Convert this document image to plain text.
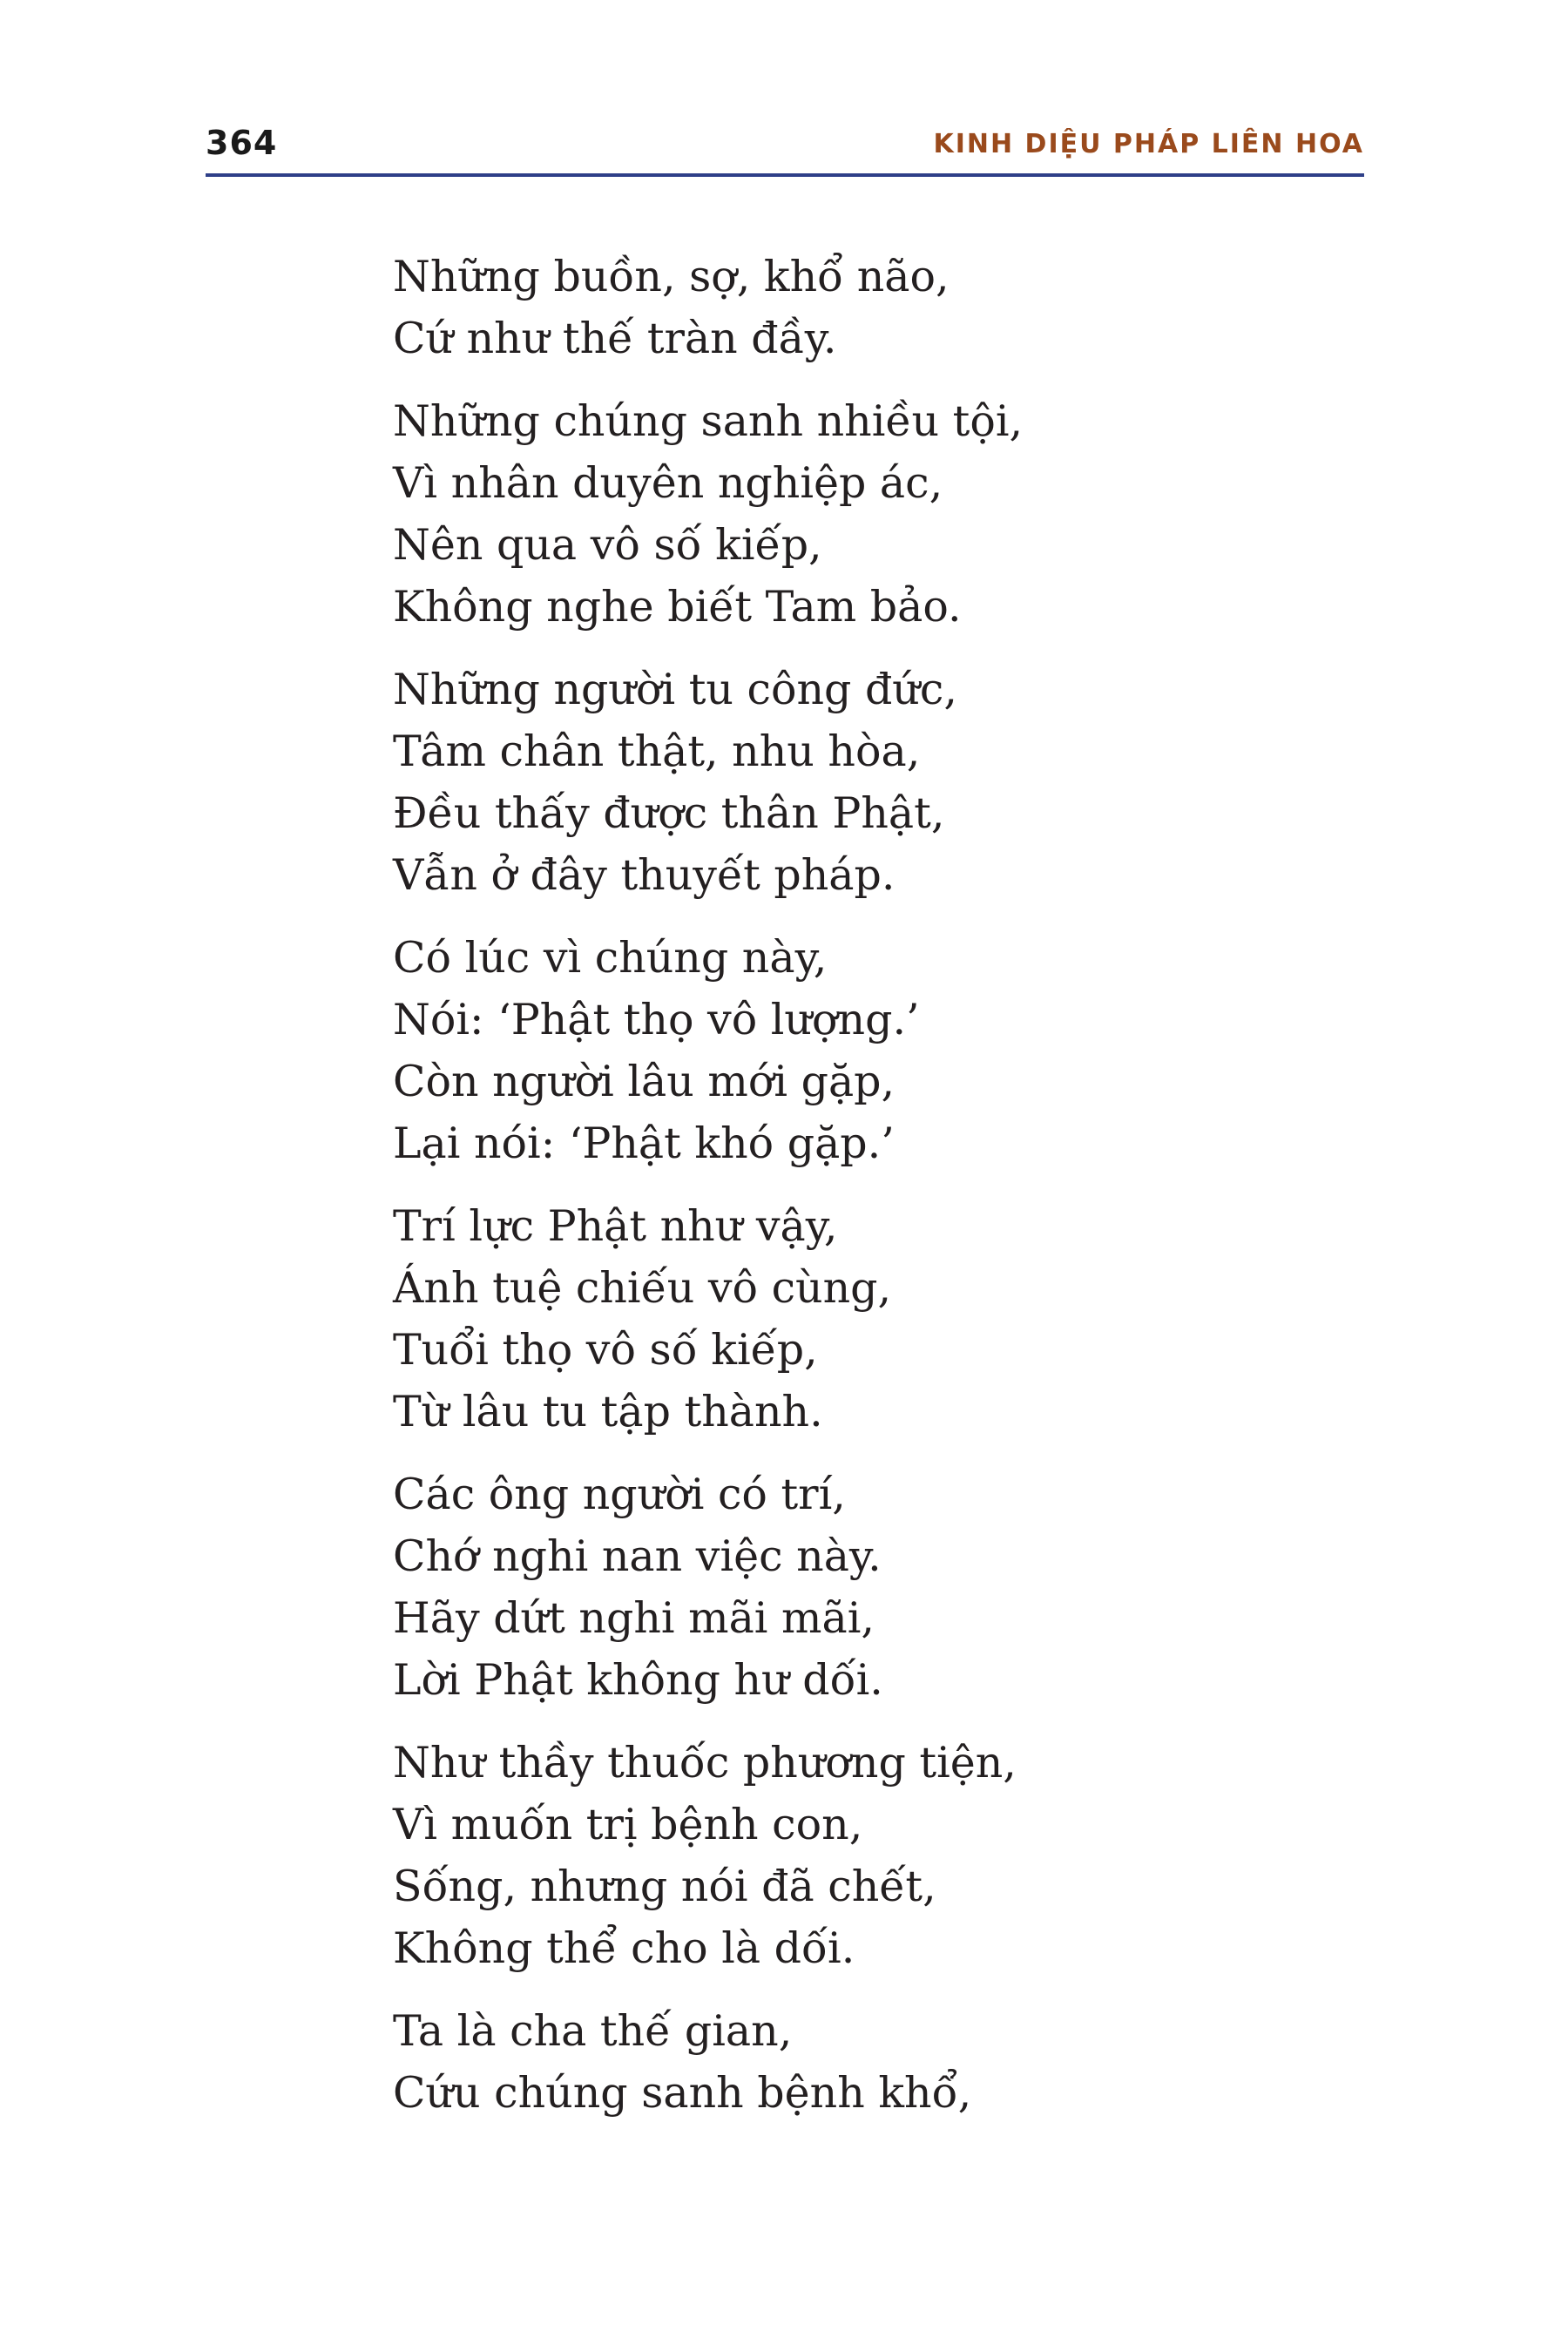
364	KINH DIỆU PHÁP LIÊN HOA
Những buồn, sợ, khổ não,
Cứ như thế tràn đầy.
Những chúng sanh nhiều tội,
Vì nhân duyên nghiệp ác,
Nên qua vô số kiếp,
Không nghe biết Tam bảo.
Những người tu công đức,
Tâm chân thật, nhu hòa,
Đều thấy được thân Phật,
Vẫn ở đây thuyết pháp.
Có lúc vì chúng này,
Nói: ‘Phật thọ vô lượng.’
Còn người lâu mới gặp,
Lại nói: ‘Phật khó gặp.’
Trí lực Phật như vậy,
Ánh tuệ chiếu vô cùng,
Tuổi thọ vô số kiếp,
Từ lâu tu tập thành.
Các ông người có trí,
Chớ nghi nan việc này.
Hãy dứt nghi mãi mãi,
Lời Phật không hư dối.
Như thầy thuốc phương tiện,
Vì muốn trị bệnh con,
Sống, nhưng nói đã chết,
Không thể cho là dối.
Ta là cha thế gian,
Cứu chúng sanh bệnh khổ,
